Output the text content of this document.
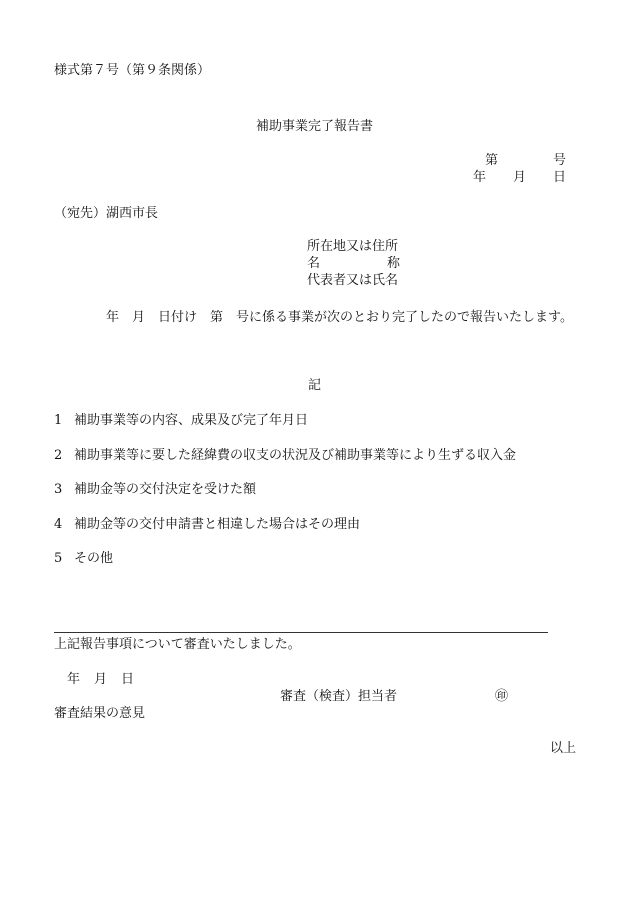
様式第７号（第９条関係）
補助事業完了報告書
第	号
年 月 日
（宛先）湖西市長
所在地又は住所
名	称
代表者又は氏名
年　月　日付け　第　号に係る事業が次のとおり完了したので報告いたします。
記
1 補助事業等の内容、成果及び完了年月日
2 補助事業等に要した経緯費の収支の状況及び補助事業等により生ずる収入金
3 補助金等の交付決定を受けた額
4 補助金等の交付申請書と相違した場合はその理由
5 その他
上記報告事項について審査いたしました。
年 月 日
審査（検査）担当者	㊞
審査結果の意見
以上
